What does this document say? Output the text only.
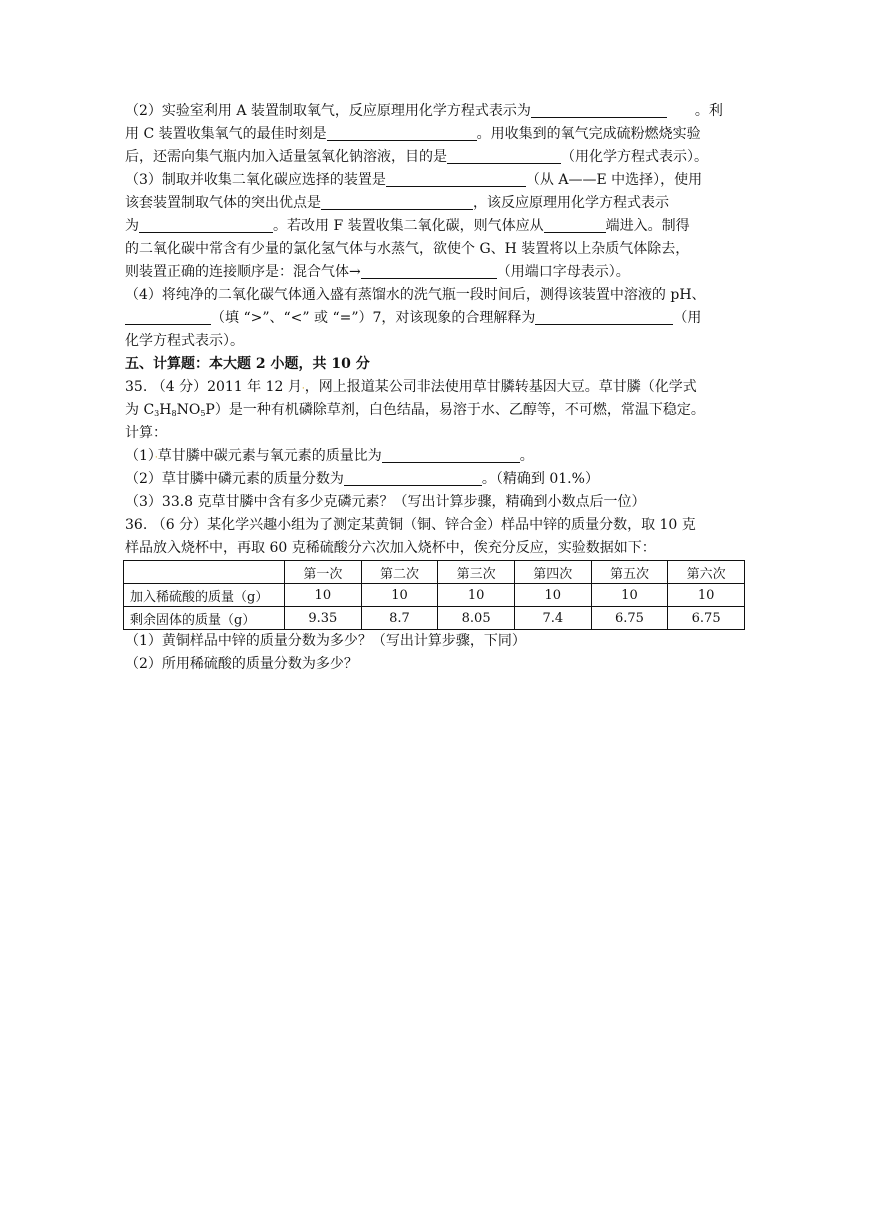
（2）实验室利用 A 装置制取氧气，反应原理用化学方程式表示为	。利
用 C 装置收集氧气的最佳时刻是	。用收集到的氧气完成硫粉燃烧实验
后，还需向集气瓶内加入适量氢氧化钠溶液，目的是	（用化学方程式表示）。
（3）制取并收集二氧化碳应选择的装置是	（从 A——E 中选择），使用
该套装置制取气体的突出优点是	，该反应原理用化学方程式表示
为	。若改用 F 装置收集二氧化碳，则气体应从	端进入。制得
的二氧化碳中常含有少量的氯化氢气体与水蒸气，欲使个 G、H 装置将以上杂质气体除去，
则装置正确的连接顺序是：混合气体→	（用端口字母表示）。
（4）将纯净的二氧化碳气体通入盛有蒸馏水的洗气瓶一段时间后，测得该装置中溶液的 pH、
（填 “>”、“<” 或 “=”）7，对该现象的合理解释为	（用
化学方程式表示）。
五、计算题：本大题 2 小题，共 10 分
35. （4 分）2011 年 12 月·，网上报道某公司非法使用草甘膦转基因大豆。草甘膦（化学式
为 $C_3H_8NO_5P$）是一种有机磷除草剂，白色结晶，易溶于水、乙醇等，不可燃，常温下稳定。
计算：
（1）·草甘膦中碳元素与氧元素的质量比为	。
（2）草甘膦中磷元素的质量分数为	。（精确到 01.%）
（3）33.8 克草甘膦中含有多少克磷元素？（写出计算步骤，精确到小数点后一位）
36. （6 分）某化学兴趣小组为了测定某黄铜（铜、锌合金）样品中锌的质量分数，取 10 克
样品放入烧杯中，再取 60 克稀硫酸分六次加入烧杯中，俟充分反应，实验数据如下：
	第一次	第二次	第三次	第四次	第五次	第六次
加入稀硫酸的质量（g）	10	10	10	10	10	10
剩余固体的质量（g）	9.35	8.7	8.05	7.4	6.75	6.75
（1）黄铜样品中锌的质量分数为多少？（写出计算步骤，下同）
（2）所用稀硫酸的质量分数为多少？
